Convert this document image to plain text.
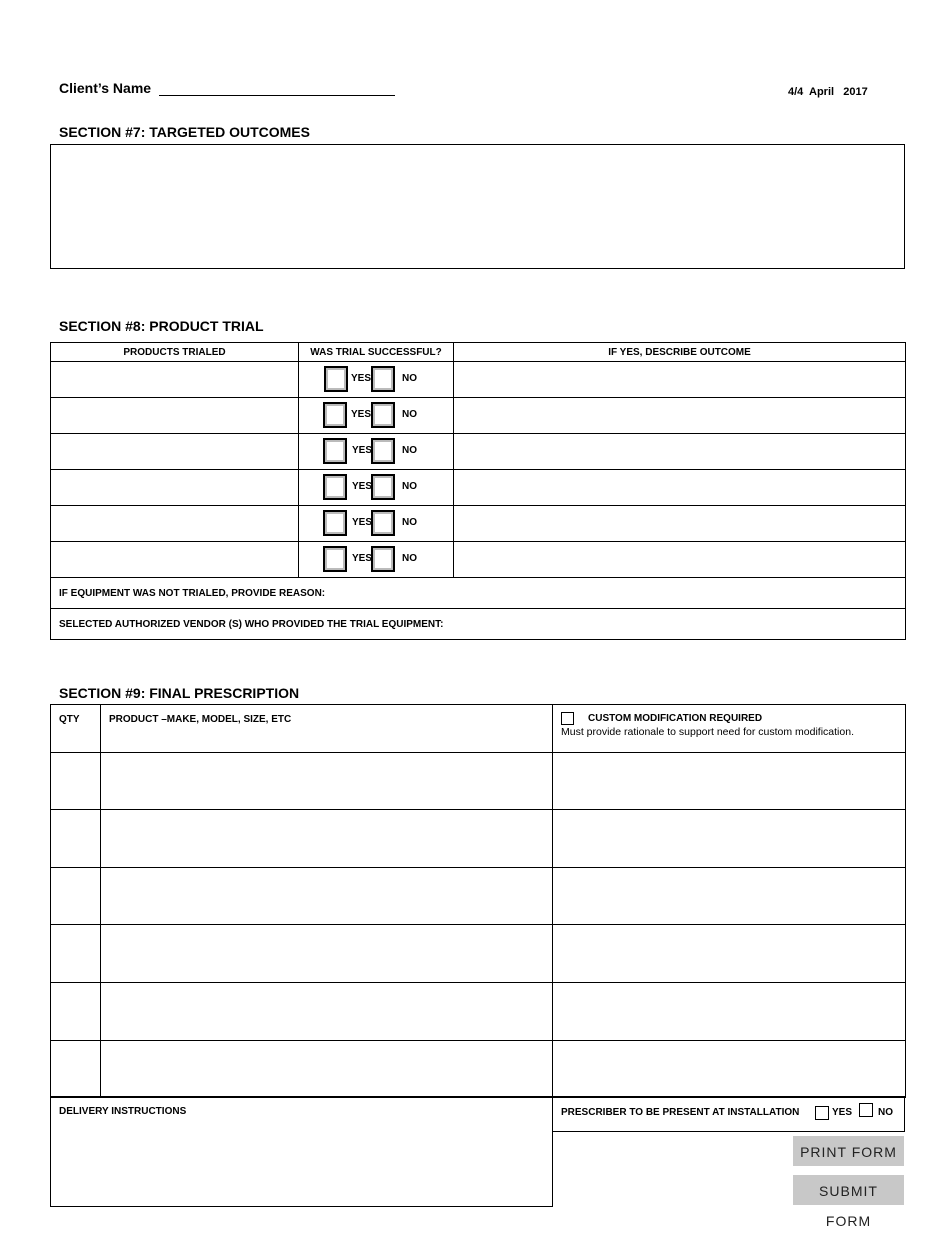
Client’s Name	4/4  April   2017
SECTION #7: TARGETED OUTCOMES
SECTION #8: PRODUCT TRIAL
PRODUCTS TRIALED	WAS TRIAL SUCCESSFUL?	IF YES, DESCRIBE OUTCOME

	YES NO	

	YES NO	

	YES NO	

	YES NO	

	YES NO	

	YES NO	

IF EQUIPMENT WAS NOT TRIALED, PROVIDE REASON:		
SELECTED AUTHORIZED VENDOR (S) WHO PROVIDED THE TRIAL EQUIPMENT:		
SECTION #9: FINAL PRESCRIPTION
QTY	PRODUCT –MAKE, MODEL, SIZE, ETC	CUSTOM MODIFICATION REQUIRED
Must provide rationale to support need for custom modification.

DELIVERY INSTRUCTIONS	PRESCRIBER TO BE PRESENT AT INSTALLATION	YES	NO
PRINT FORM
SUBMIT FORM
